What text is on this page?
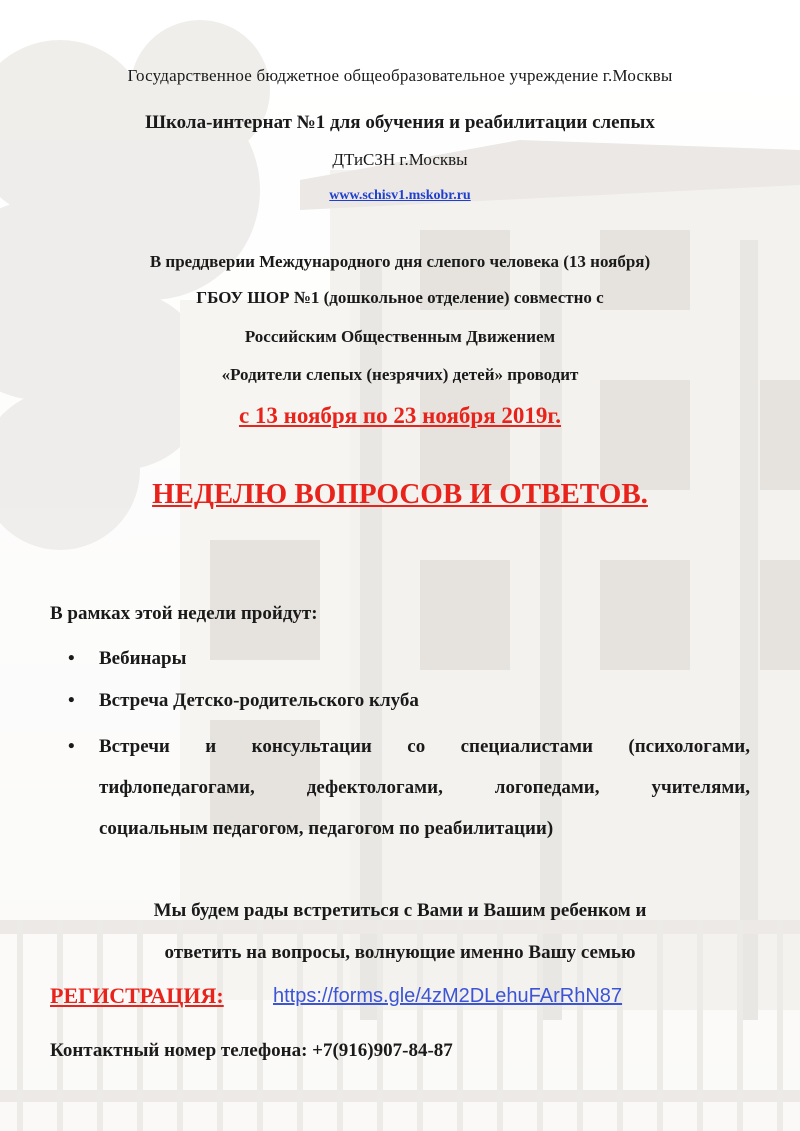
Государственное бюджетное общеобразовательное учреждение г.Москвы
Школа-интернат №1 для обучения и реабилитации слепых
ДТиСЗН г.Москвы
www.schisv1.mskobr.ru
В преддверии Международного дня слепого человека (13 ноября)
ГБОУ ШОР №1 (дошкольное отделение) совместно с
Российским Общественным Движением
«Родители слепых (незрячих) детей» проводит
с 13 ноября по 23 ноября 2019г.
НЕДЕЛЮ ВОПРОСОВ И ОТВЕТОВ.
В рамках этой недели пройдут:
• Вебинары
• Встреча Детско-родительского клуба
• Встречи и консультации со специалистами (психологами,
тифлопедагогами, дефектологами, логопедами, учителями,
социальным педагогом, педагогом по реабилитации)
Мы будем рады встретиться с Вами и Вашим ребенком и
ответить на вопросы, волнующие именно Вашу семью
РЕГИСТРАЦИЯ: https://forms.gle/4zM2DLehuFArRhN87
Контактный номер телефона: +7(916)907-84-87
